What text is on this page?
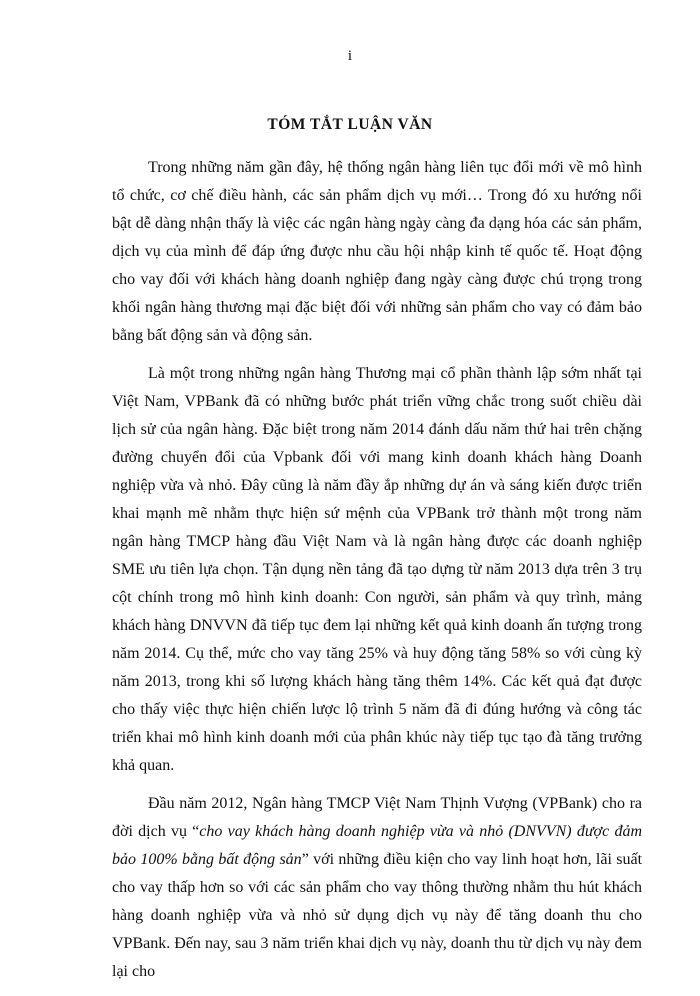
i
TÓM TẮT LUẬN VĂN

Trong những năm gần đây, hệ thống ngân hàng liên tục đổi mới về mô hình tổ chức, cơ chế điều hành, các sản phẩm dịch vụ mới… Trong đó xu hướng nổi bật dễ dàng nhận thấy là việc các ngân hàng ngày càng đa dạng hóa các sản phẩm, dịch vụ của mình để đáp ứng được nhu cầu hội nhập kinh tế quốc tế. Hoạt động cho vay đối với khách hàng doanh nghiệp đang ngày càng được chú trọng trong khối ngân hàng thương mại đặc biệt đối với những sản phẩm cho vay có đảm bảo bằng bất động sản và động sản.

Là một trong những ngân hàng Thương mại cổ phần thành lập sớm nhất tại Việt Nam, VPBank đã có những bước phát triển vững chắc trong suốt chiều dài lịch sử của ngân hàng. Đặc biệt trong năm 2014 đánh dấu năm thứ hai trên chặng đường chuyển đổi của Vpbank đối với mang kinh doanh khách hàng Doanh nghiệp vừa và nhỏ. Đây cũng là năm đầy ắp những dự án và sáng kiến được triển khai mạnh mẽ nhằm thực hiện sứ mệnh của VPBank trở thành một trong năm ngân hàng TMCP hàng đầu Việt Nam và là ngân hàng được các doanh nghiệp SME ưu tiên lựa chọn. Tận dụng nền tảng đã tạo dựng từ năm 2013 dựa trên 3 trụ cột chính trong mô hình kinh doanh: Con người, sản phẩm và quy trình, mảng khách hàng DNVVN đã tiếp tục đem lại những kết quả kinh doanh ấn tượng trong năm 2014. Cụ thể, mức cho vay tăng 25% và huy động tăng 58% so với cùng kỳ năm 2013, trong khi số lượng khách hàng tăng thêm 14%. Các kết quả đạt được cho thấy việc thực hiện chiến lược lộ trình 5 năm đã đi đúng hướng và công tác triển khai mô hình kinh doanh mới của phân khúc này tiếp tục tạo đà tăng trưởng khả quan.

Đầu năm 2012, Ngân hàng TMCP Việt Nam Thịnh Vượng (VPBank) cho ra đời dịch vụ “cho vay khách hàng doanh nghiệp vừa và nhỏ (DNVVN) được đảm bảo 100% bằng bất động sản” với những điều kiện cho vay linh hoạt hơn, lãi suất cho vay thấp hơn so với các sản phẩm cho vay thông thường nhằm thu hút khách hàng doanh nghiệp vừa và nhỏ sử dụng dịch vụ này để tăng doanh thu cho VPBank. Đến nay, sau 3 năm triển khai dịch vụ này, doanh thu từ dịch vụ này đem lại cho
